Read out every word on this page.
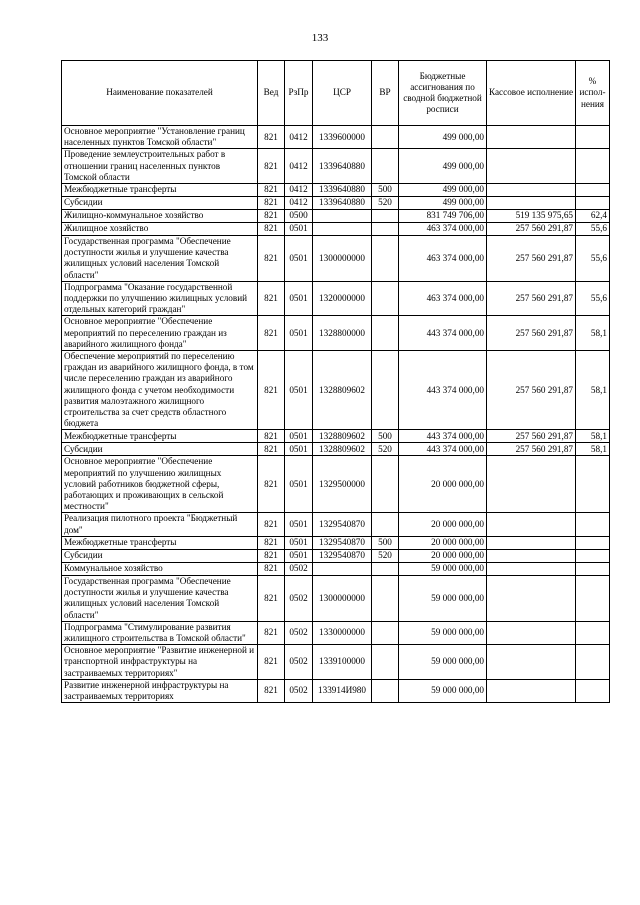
133
Наименование показателей	Вед	РзПр	ЦСР	ВР	Бюджетные ассигнования по сводной бюджетной росписи	Кассовое исполнение	% испол-нения
Основное мероприятие "Установление границ населенных пунктов Томской области"	821	0412	1339600000		499 000,00		
Проведение землеустроительных работ в отношении границ населенных пунктов Томской области	821	0412	1339640880		499 000,00		
Межбюджетные трансферты	821	0412	1339640880	500	499 000,00		
Субсидии	821	0412	1339640880	520	499 000,00		
Жилищно-коммунальное хозяйство	821	0500			831 749 706,00	519 135 975,65	62,4
Жилищное хозяйство	821	0501			463 374 000,00	257 560 291,87	55,6
Государственная программа "Обеспечение доступности жилья и улучшение качества жилищных условий населения Томской области"	821	0501	1300000000		463 374 000,00	257 560 291,87	55,6
Подпрограмма "Оказание государственной поддержки по улучшению жилищных условий отдельных категорий граждан"	821	0501	1320000000		463 374 000,00	257 560 291,87	55,6
Основное мероприятие "Обеспечение мероприятий по переселению граждан из аварийного жилищного фонда"	821	0501	1328800000		443 374 000,00	257 560 291,87	58,1
Обеспечение мероприятий по переселению граждан из аварийного жилищного фонда, в том числе переселению граждан из аварийного жилищного фонда с учетом необходимости развития малоэтажного жилищного строительства за счет средств областного бюджета	821	0501	1328809602		443 374 000,00	257 560 291,87	58,1
Межбюджетные трансферты	821	0501	1328809602	500	443 374 000,00	257 560 291,87	58,1
Субсидии	821	0501	1328809602	520	443 374 000,00	257 560 291,87	58,1
Основное мероприятие "Обеспечение мероприятий по улучшению жилищных условий работников бюджетной сферы, работающих и проживающих в сельской местности"	821	0501	1329500000		20 000 000,00		
Реализация пилотного проекта "Бюджетный дом"	821	0501	1329540870		20 000 000,00		
Межбюджетные трансферты	821	0501	1329540870	500	20 000 000,00		
Субсидии	821	0501	1329540870	520	20 000 000,00		
Коммунальное хозяйство	821	0502			59 000 000,00		
Государственная программа "Обеспечение доступности жилья и улучшение качества жилищных условий населения Томской области"	821	0502	1300000000		59 000 000,00		
Подпрограмма "Стимулирование развития жилищного строительства в Томской области"	821	0502	1330000000		59 000 000,00		
Основное мероприятие "Развитие инженерной и транспортной инфраструктуры на застраиваемых территориях"	821	0502	1339100000		59 000 000,00		
Развитие инженерной инфраструктуры на застраиваемых территориях	821	0502	133914И980		59 000 000,00		
